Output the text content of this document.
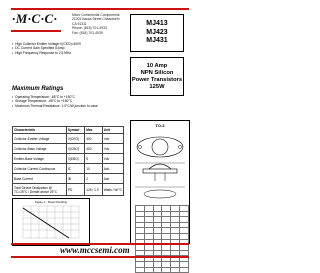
·M·C·C·	Micro Commercial Components
21201 Itasca Street Chatsworth
CA 91311
Phone: (818) 701-4933
Fax: (818) 701-4939
MJ413
MJ423
MJ431
• High Collector Emitter Voltage:V(CEO)=400V
• DC Current Gain Specified 8 Amp
• High Frequency Response to 2.5 MHz
10 Amp
NPN Silicon
Power Transistors
125W
Maximum Ratings
• Operating Temperature: -65°C to +150°C
• Storage Temperature: -65°C to +150°C
• Maximum Thermal Resistance: 1.0°C/W junction to case
Characteristic	Symbol	Max	Unit
Collector-Emitter Voltage	V(CEO)	400	Vdc
Collector-Base Voltage	V(CBO)	400	Vdc
Emitter-Base Voltage	V(EBO)	5	Vdc
Collector Current-Continuous	IC	10	Adc
Base Current	IB	2	Adc
Total Device Dissipation @ TC=25°C / Derate above 25°C	PD	125 / 1.0	Watts / W/°C
TO-3

Figure 1 - Power Derating
www.mccsemi.com
